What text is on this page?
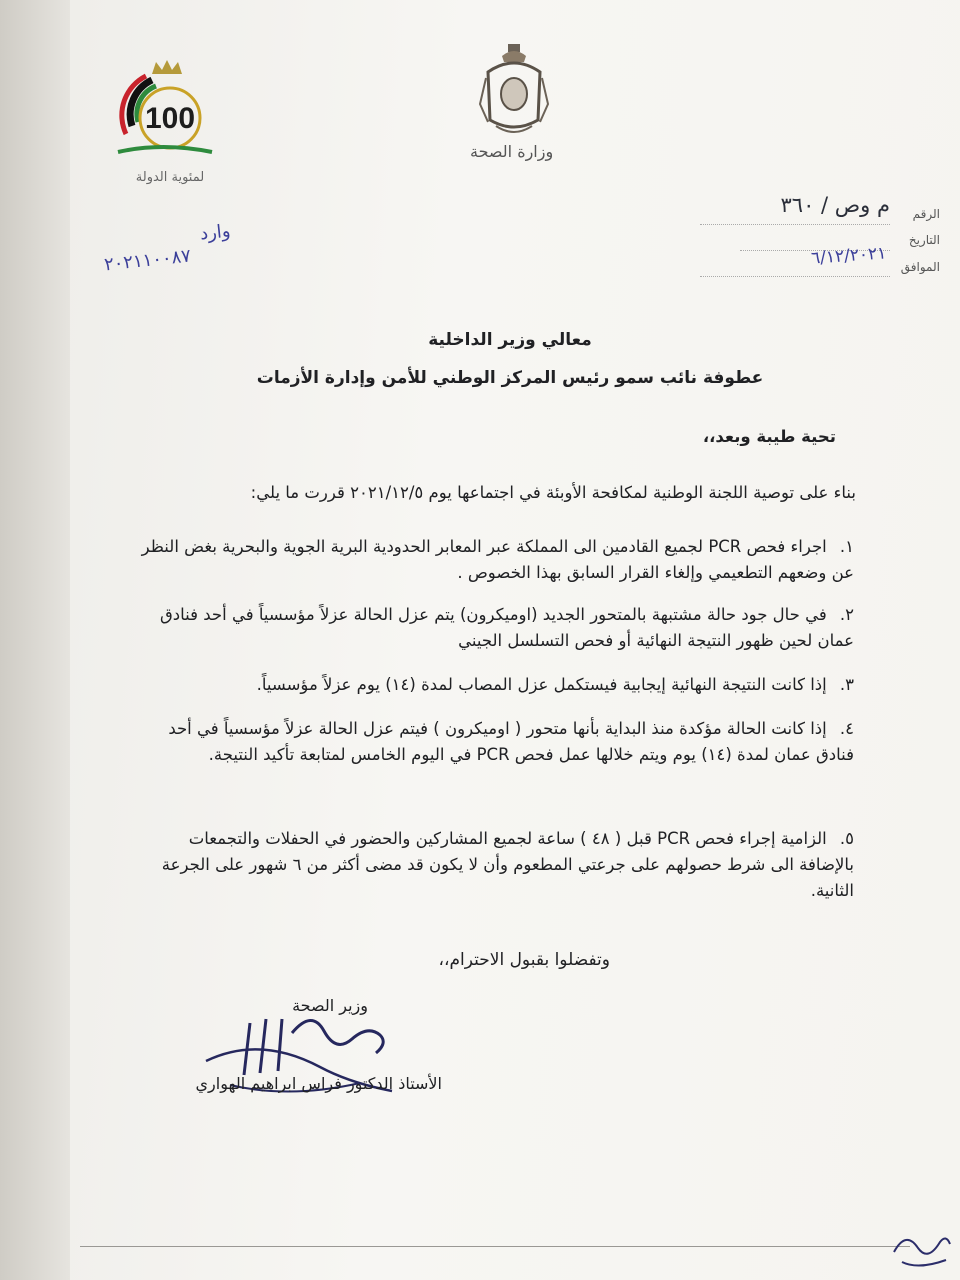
وزارة الصحة
100
لمئوية الدولة
وارد
٢٠٢١١٠٠٨٧
الرقم
م وص / ٣٦٠
التاريخ
الموافق
٦/١٢/٢٠٢١
معالي وزير الداخلية
عطوفة نائب سمو رئيس المركز الوطني للأمن وإدارة الأزمات
تحية طيبة وبعد،،
بناء على توصية اللجنة الوطنية لمكافحة الأوبئة في اجتماعها يوم ٢٠٢١/١٢/٥ قررت ما يلي:
١. اجراء فحص PCR لجميع القادمين الى المملكة عبر المعابر الحدودية البرية الجوية والبحرية بغض النظر عن وضعهم التطعيمي وإلغاء القرار السابق بهذا الخصوص .
٢. في حال جود حالة مشتبهة بالمتحور الجديد (اوميكرون) يتم عزل الحالة عزلاً مؤسسياً في أحد فنادق عمان لحين ظهور النتيجة النهائية أو فحص التسلسل الجيني
٣. إذا كانت النتيجة النهائية إيجابية فيستكمل عزل المصاب لمدة (١٤) يوم عزلاً مؤسسياً.
٤. إذا كانت الحالة مؤكدة منذ البداية بأنها متحور ( اوميكرون ) فيتم عزل الحالة عزلاً مؤسسياً في أحد فنادق عمان لمدة (١٤) يوم ويتم خلالها عمل فحص PCR في اليوم الخامس لمتابعة تأكيد النتيجة.
٥. الزامية إجراء فحص PCR قبل ( ٤٨ ) ساعة لجميع المشاركين والحضور في الحفلات والتجمعات بالإضافة الى شرط حصولهم على جرعتي المطعوم وأن لا يكون قد مضى أكثر من ٦ شهور على الجرعة الثانية.
وتفضلوا بقبول الاحترام،،
وزير الصحة
الأستاذ الدكتور فراس ابراهيم الهواري
